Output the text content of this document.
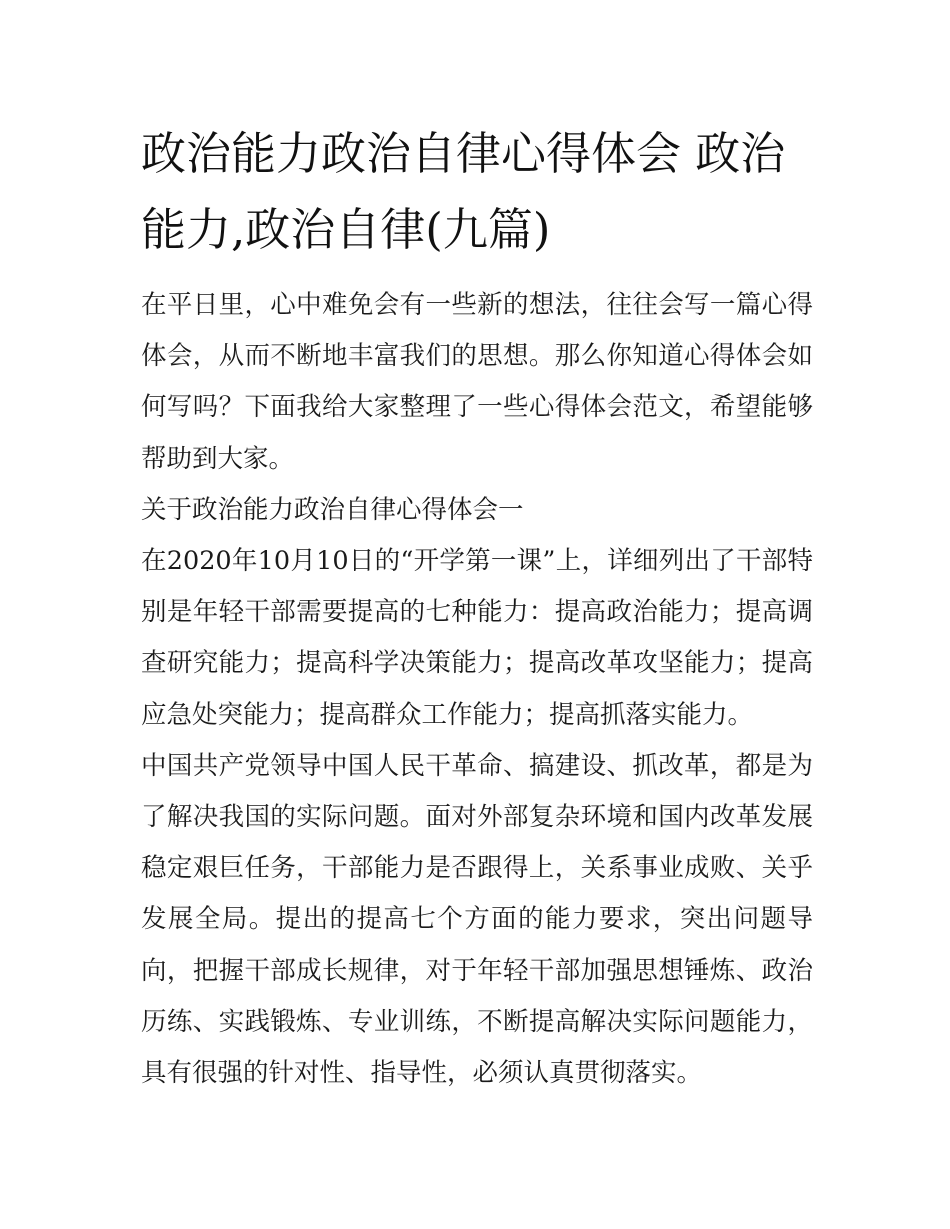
政治能力政治自律心得体会 政治能力,政治自律(九篇)

在平日里，心中难免会有一些新的想法，往往会写一篇心得体会，从而不断地丰富我们的思想。那么你知道心得体会如何写吗？下面我给大家整理了一些心得体会范文，希望能够帮助到大家。

关于政治能力政治自律心得体会一

在2020年10月10日的“开学第一课”上，详细列出了干部特别是年轻干部需要提高的七种能力：提高政治能力；提高调查研究能力；提高科学决策能力；提高改革攻坚能力；提高应急处突能力；提高群众工作能力；提高抓落实能力。

中国共产党领导中国人民干革命、搞建设、抓改革，都是为了解决我国的实际问题。面对外部复杂环境和国内改革发展稳定艰巨任务，干部能力是否跟得上，关系事业成败、关乎发展全局。提出的提高七个方面的能力要求，突出问题导向，把握干部成长规律，对于年轻干部加强思想锤炼、政治历练、实践锻炼、专业训练，不断提高解决实际问题能力，具有很强的针对性、指导性，必须认真贯彻落实。
